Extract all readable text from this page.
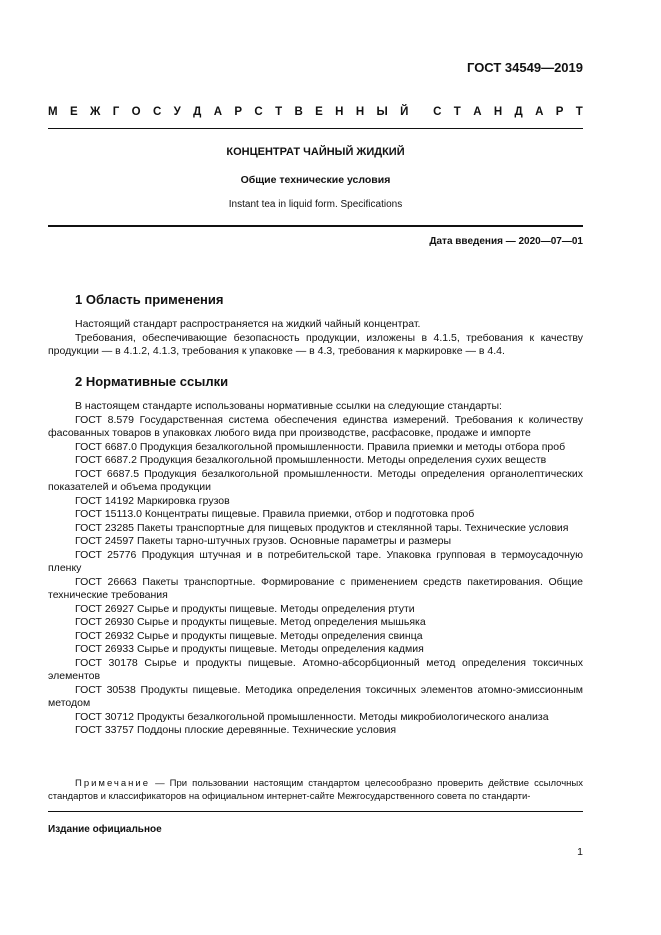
ГОСТ 34549—2019
М Е Ж Г О С У Д А Р С Т В Е Н Н Ы Й С Т А Н Д А Р Т
КОНЦЕНТРАТ ЧАЙНЫЙ ЖИДКИЙ
Общие технические условия
Instant tea in liquid form. Specifications
Дата введения — 2020—07—01
1 Область применения

Настоящий стандарт распространяется на жидкий чайный концентрат.

Требования, обеспечивающие безопасность продукции, изложены в 4.1.5, требования к качеству продукции — в 4.1.2, 4.1.3, требования к упаковке — в 4.3, требования к маркировке — в 4.4.

2 Нормативные ссылки

В настоящем стандарте использованы нормативные ссылки на следующие стандарты:

ГОСТ 8.579 Государственная система обеспечения единства измерений. Требования к количеству фасованных товаров в упаковках любого вида при производстве, расфасовке, продаже и импорте

ГОСТ 6687.0 Продукция безалкогольной промышленности. Правила приемки и методы отбора проб

ГОСТ 6687.2 Продукция безалкогольной промышленности. Методы определения сухих веществ

ГОСТ 6687.5 Продукция безалкогольной промышленности. Методы определения органолептических показателей и объема продукции

ГОСТ 14192 Маркировка грузов

ГОСТ 15113.0 Концентраты пищевые. Правила приемки, отбор и подготовка проб

ГОСТ 23285 Пакеты транспортные для пищевых продуктов и стеклянной тары. Технические условия

ГОСТ 24597 Пакеты тарно-штучных грузов. Основные параметры и размеры

ГОСТ 25776 Продукция штучная и в потребительской таре. Упаковка групповая в термоусадочную пленку

ГОСТ 26663 Пакеты транспортные. Формирование с применением средств пакетирования. Общие технические требования

ГОСТ 26927 Сырье и продукты пищевые. Методы определения ртути

ГОСТ 26930 Сырье и продукты пищевые. Метод определения мышьяка

ГОСТ 26932 Сырье и продукты пищевые. Методы определения свинца

ГОСТ 26933 Сырье и продукты пищевые. Методы определения кадмия

ГОСТ 30178 Сырье и продукты пищевые. Атомно-абсорбционный метод определения токсичных элементов

ГОСТ 30538 Продукты пищевые. Методика определения токсичных элементов атомно-эмиссионным методом

ГОСТ 30712 Продукты безалкогольной промышленности. Методы микробиологического анализа

ГОСТ 33757 Поддоны плоские деревянные. Технические условия

Примечание — При пользовании настоящим стандартом целесообразно проверить действие ссылочных стандартов и классификаторов на официальном интернет-сайте Межгосударственного совета по стандарти-
Издание официальное
1
